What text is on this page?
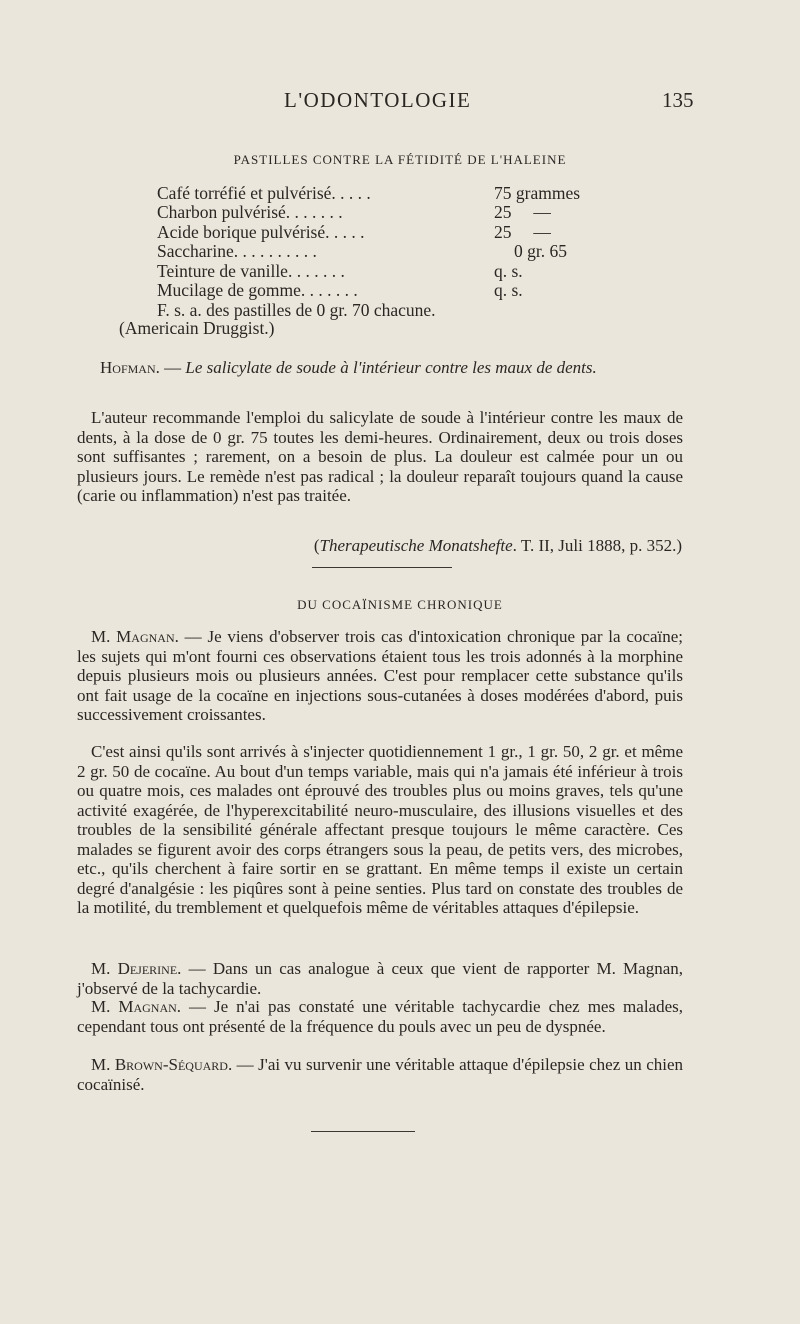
L'ODONTOLOGIE	135
PASTILLES CONTRE LA FÉTIDITÉ DE L'HALEINE
Café torréfié et pulvérisé. . . . .	75 grammes
Charbon pulvérisé. . . . . . .	25     —
Acide borique pulvérisé. . . . .	25     —
Saccharine. . . . . . . . . .	0 gr. 65
Teinture de vanille. . . . . . .	q. s.
Mucilage de gomme. . . . . . .	q. s.
F. s. a. des pastilles de 0 gr. 70 chacune.
(Americain Druggist.)
Hofman. — Le salicylate de soude à l'intérieur contre les maux de dents.
L'auteur recommande l'emploi du salicylate de soude à l'intérieur contre les maux de dents, à la dose de 0 gr. 75 toutes les demi-heures. Ordinairement, deux ou trois doses sont suffisantes ; rarement, on a besoin de plus. La douleur est calmée pour un ou plusieurs jours. Le remède n'est pas radical ; la douleur reparaît toujours quand la cause (carie ou inflammation) n'est pas traitée.
(Therapeutische Monatshefte. T. II, Juli 1888, p. 352.)
DU COCAÏNISME CHRONIQUE
M. Magnan. — Je viens d'observer trois cas d'intoxication chronique par la cocaïne; les sujets qui m'ont fourni ces observations étaient tous les trois adonnés à la morphine depuis plusieurs mois ou plusieurs années. C'est pour remplacer cette substance qu'ils ont fait usage de la cocaïne en injections sous-cutanées à doses modérées d'abord, puis successivement croissantes.
C'est ainsi qu'ils sont arrivés à s'injecter quotidiennement 1 gr., 1 gr. 50, 2 gr. et même 2 gr. 50 de cocaïne. Au bout d'un temps variable, mais qui n'a jamais été inférieur à trois ou quatre mois, ces malades ont éprouvé des troubles plus ou moins graves, tels qu'une activité exagérée, de l'hyperexcitabilité neuro-musculaire, des illusions visuelles et des troubles de la sensibilité générale affectant presque toujours le même caractère. Ces malades se figurent avoir des corps étrangers sous la peau, de petits vers, des microbes, etc., qu'ils cherchent à faire sortir en se grattant. En même temps il existe un certain degré d'analgésie : les piqûres sont à peine senties. Plus tard on constate des troubles de la motilité, du tremblement et quelquefois même de véritables attaques d'épilepsie.
M. Dejerine. — Dans un cas analogue à ceux que vient de rapporter M. Magnan, j'observé de la tachycardie.
M. Magnan. — Je n'ai pas constaté une véritable tachycardie chez mes malades, cependant tous ont présenté de la fréquence du pouls avec un peu de dyspnée.
M. Brown-Séquard. — J'ai vu survenir une véritable attaque d'épilepsie chez un chien cocaïnisé.
